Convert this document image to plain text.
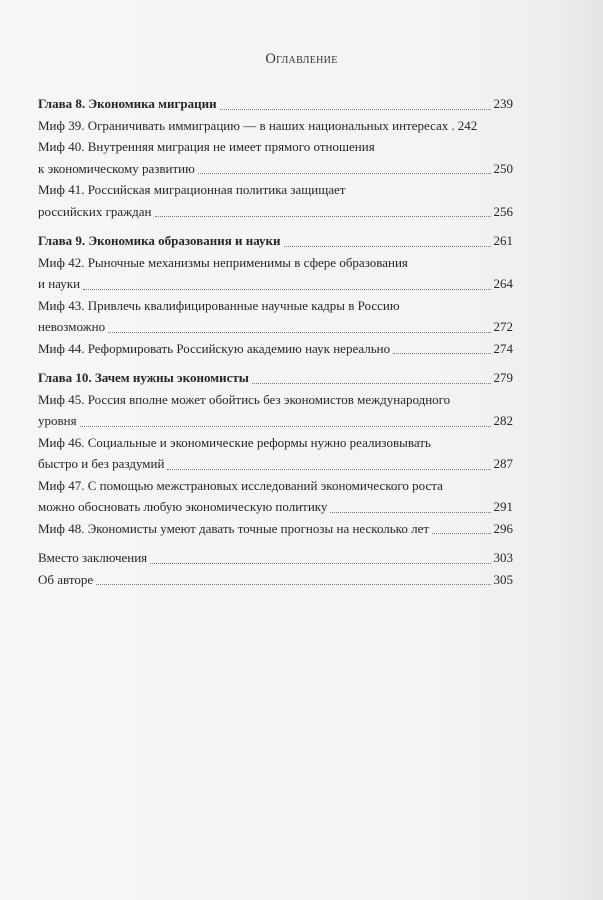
Оглавление
Глава 8. Экономика миграции	239
Миф 39. Ограничивать иммиграцию — в наших национальных интересах . 242
Миф 40. Внутренняя миграция не имеет прямого отношения
к экономическому развитию	250
Миф 41. Российская миграционная политика защищает
российских граждан	256
Глава 9. Экономика образования и науки	261
Миф 42. Рыночные механизмы неприменимы в сфере образования
и науки	264
Миф 43. Привлечь квалифицированные научные кадры в Россию
невозможно	272
Миф 44. Реформировать Российскую академию наук нереально	274
Глава 10. Зачем нужны экономисты	279
Миф 45. Россия вполне может обойтись без экономистов международного
уровня	282
Миф 46. Социальные и экономические реформы нужно реализовывать
быстро и без раздумий	287
Миф 47. С помощью межстрановых исследований экономического роста
можно обосновать любую экономическую политику	291
Миф 48. Экономисты умеют давать точные прогнозы на несколько лет	296
Вместо заключения	303
Об авторе	305
